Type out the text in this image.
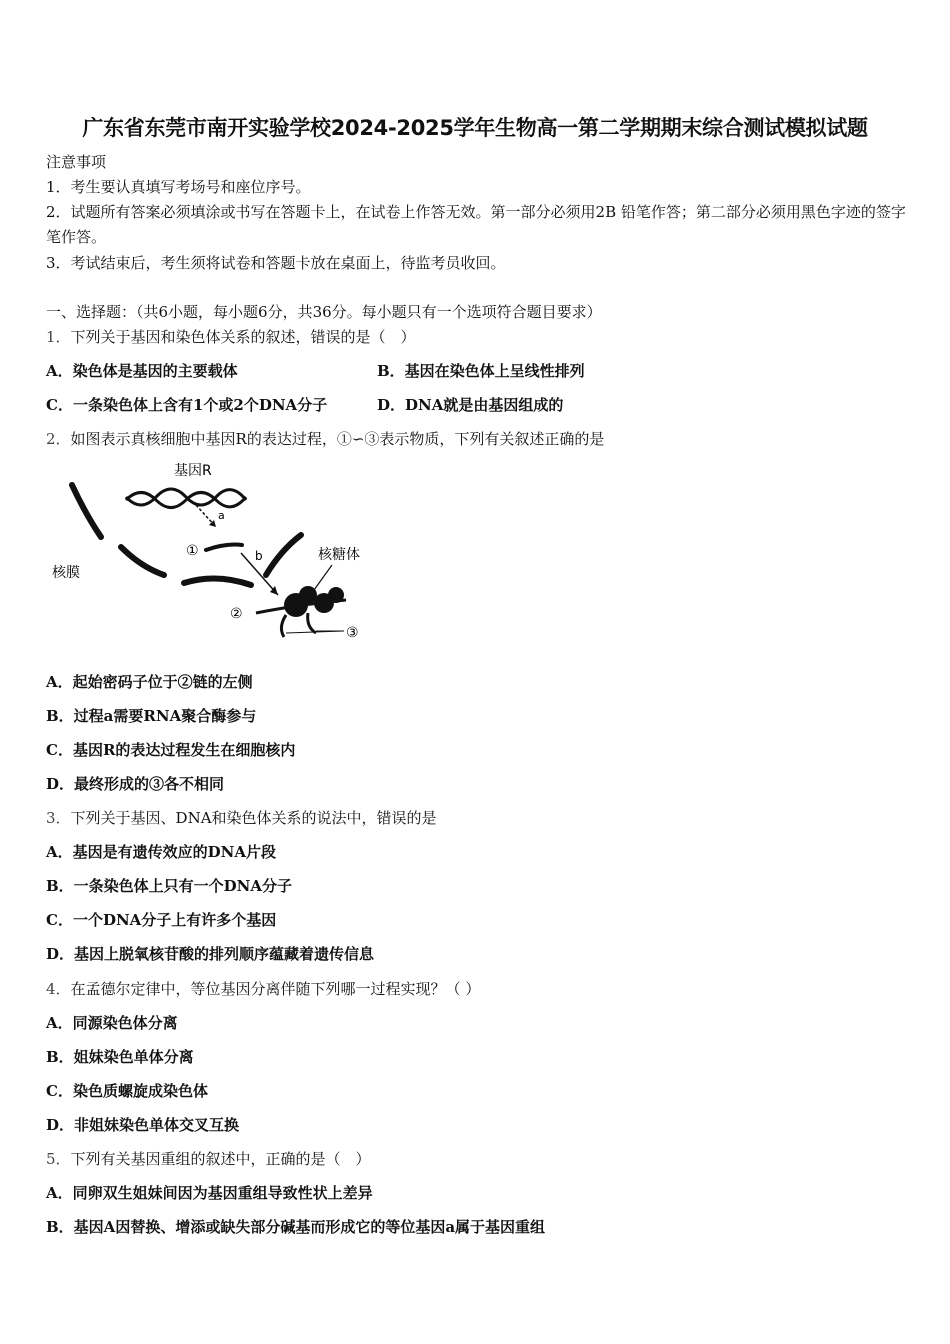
广东省东莞市南开实验学校2024-2025学年生物高一第二学期期末综合测试模拟试题
注意事项
1．考生要认真填写考场号和座位序号。
2．试题所有答案必须填涂或书写在答题卡上，在试卷上作答无效。第一部分必须用2B 铅笔作答；第二部分必须用黑色字迹的签字笔作答。
3．考试结束后，考生须将试卷和答题卡放在桌面上，待监考员收回。
一、选择题：（共6小题，每小题6分，共36分。每小题只有一个选项符合题目要求）
1．下列关于基因和染色体关系的叙述，错误的是（　）
A．染色体是基因的主要载体	B．基因在染色体上呈线性排列
C．一条染色体上含有1个或2个DNA分子	D．DNA就是由基因组成的
2．如图表示真核细胞中基因R的表达过程，①∽③表示物质，下列有关叙述正确的是
基因R
a
①	b
核膜
核糖体
②
③
A．起始密码子位于②链的左侧
B．过程a需要RNA聚合酶参与
C．基因R的表达过程发生在细胞核内
D．最终形成的③各不相同
3．下列关于基因、DNA和染色体关系的说法中，错误的是
A．基因是有遗传效应的DNA片段
B．一条染色体上只有一个DNA分子
C．一个DNA分子上有许多个基因
D．基因上脱氧核苷酸的排列顺序蕴藏着遗传信息
4．在孟德尔定律中，等位基因分离伴随下列哪一过程实现？（ ）
A．同源染色体分离
B．姐妹染色单体分离
C．染色质螺旋成染色体
D．非姐妹染色单体交叉互换
5．下列有关基因重组的叙述中，正确的是（　）
A．同卵双生姐妹间因为基因重组导致性状上差异
B．基因A因替换、增添或缺失部分碱基而形成它的等位基因a属于基因重组
